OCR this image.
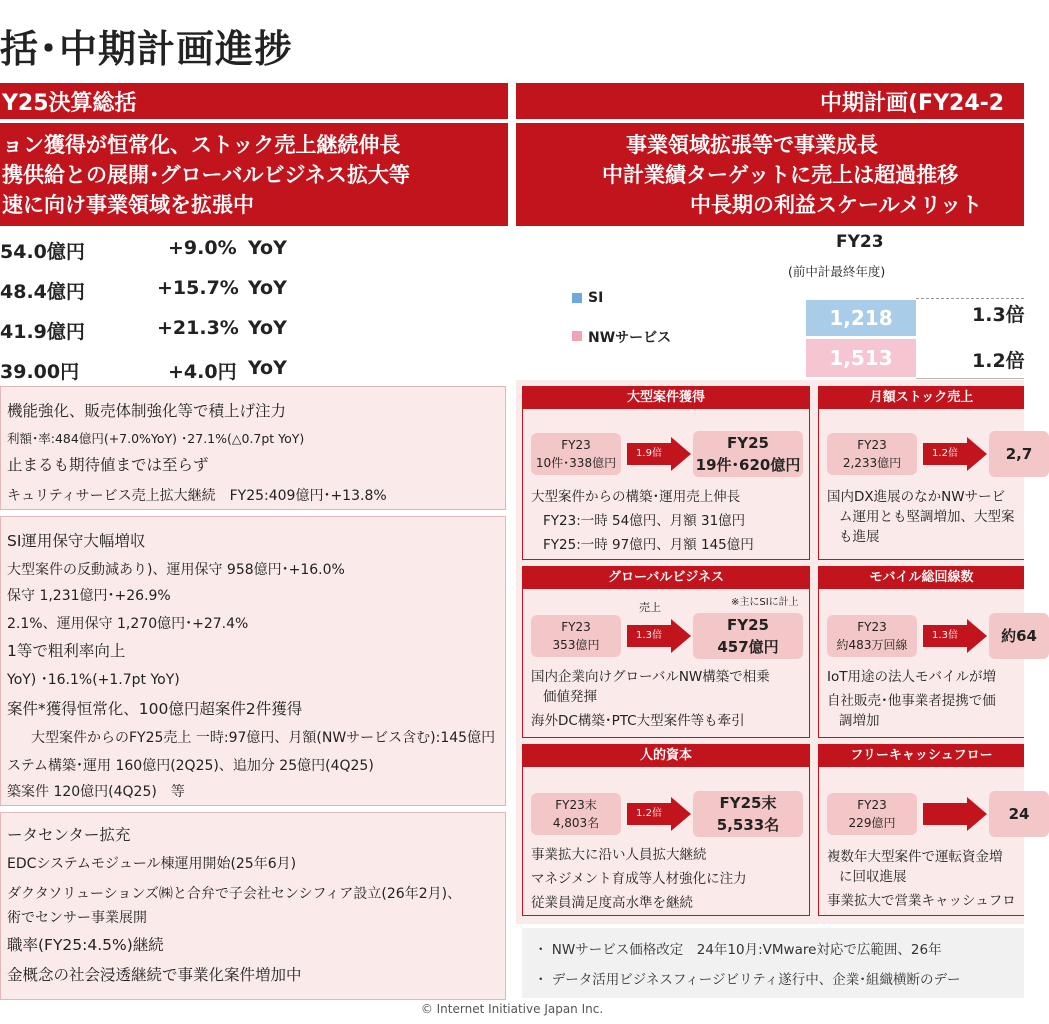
括･中期計画進捗
Y25決算総括
ョン獲得が恒常化、ストック売上継続伸長
携供給との展開･グローバルビジネス拡大等
速に向け事業領域を拡張中
54.0億円	+9.0% YoY
48.4億円	+15.7% YoY
41.9億円	+21.3% YoY
39.00円	+4.0円 YoY
機能強化、販売体制強化等で積上げ注力
利額･率:484億円(+7.0%YoY) ･27.1%(△0.7pt YoY)
止まるも期待値までは至らず
キュリティサービス売上拡大継続　FY25:409億円･+13.8%
SI運用保守大幅増収
大型案件の反動減あり)、運用保守 958億円･+16.0%
保守 1,231億円･+26.9%
2.1%、運用保守 1,270億円･+27.4%
1等で粗利率向上
YoY) ･16.1%(+1.7pt YoY)
案件*獲得恒常化、100億円超案件2件獲得
大型案件からのFY25売上 一時:97億円、月額(NWサービス含む):145億円
ステム構築･運用 160億円(2Q25)、追加分 25億円(4Q25)
築案件 120億円(4Q25)　等
ータセンター拡充
EDCシステムモジュール棟運用開始(25年6月)
ダクタソリューションズ㈱と合弁で子会社センシフィア設立(26年2月)、
術でセンサー事業展開
職率(FY25:4.5%)継続
金概念の社会浸透継続で事業化案件増加中
中期計画(FY24-2
事業領域拡張等で事業成長
中計業績ターゲットに売上は超過推移
中長期の利益スケールメリット
FY23
(前中計最終年度)
SI
NWサービス
1,218
1,513
1.3倍
1.2倍
大型案件獲得
FY23
10件･338億円
1.9倍
FY25
19件･620億円
大型案件からの構築･運用売上伸長
FY23:一時 54億円、月額 31億円
FY25:一時 97億円、月額 145億円
月額ストック売上
FY23
2,233億円
1.2倍	2,7
国内DX進展のなかNWサービ
ム運用とも堅調増加、大型案
も進展
グローバルビジネス
売上	※主にSIに計上
FY23
353億円
1.3倍
FY25
457億円
国内企業向けグローバルNW構築で相乗
価値発揮
海外DC構築･PTC大型案件等も牽引
モバイル総回線数
FY23
約483万回線
1.3倍	約64
IoT用途の法人モバイルが増
自社販売･他事業者提携で価
調増加
人的資本
FY23末
4,803名
1.2倍
FY25末
5,533名
事業拡大に沿い人員拡大継続
マネジメント育成等人材強化に注力
従業員満足度高水準を継続
フリーキャッシュフロー
FY23
229億円	24
複数年大型案件で運転資金増
に回収進展
事業拡大で営業キャッシュフロ
・ NWサービス価格改定　24年10月:VMware対応で広範囲、26年
・ データ活用ビジネスフィージビリティ遂行中、企業･組織横断のデー
© Internet Initiative Japan Inc.
